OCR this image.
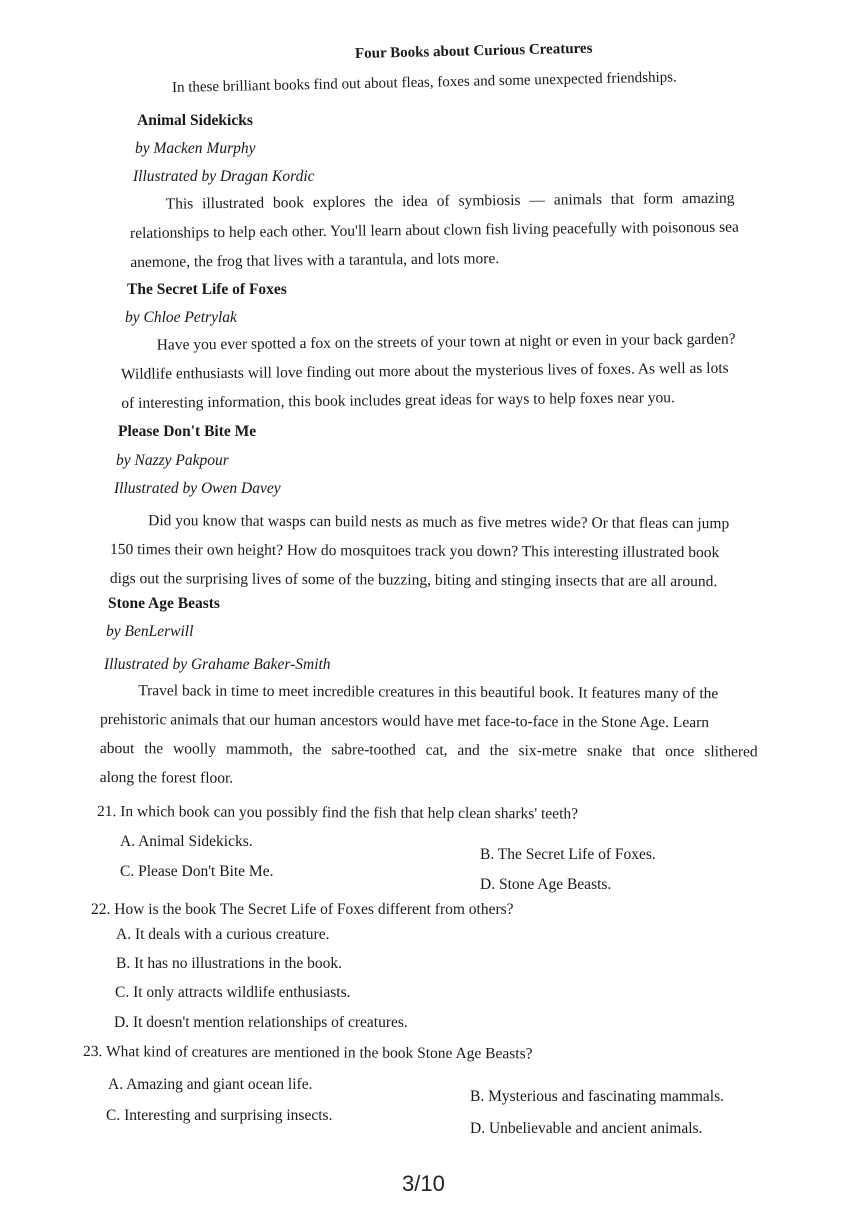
Four Books about Curious Creatures
In these brilliant books find out about fleas, foxes and some unexpected friendships.
Animal Sidekicks
by Macken Murphy
Illustrated by Dragan Kordic

This illustrated book explores the idea of symbiosis — animals that form amazing

relationships to help each other. You'll learn about clown fish living peacefully with poisonous sea

anemone, the frog that lives with a tarantula, and lots more.

The Secret Life of Foxes
by Chloe Petrylak

Have you ever spotted a fox on the streets of your town at night or even in your back garden?

Wildlife enthusiasts will love finding out more about the mysterious lives of foxes. As well as lots

of interesting information, this book includes great ideas for ways to help foxes near you.

Please Don't Bite Me
by Nazzy Pakpour
Illustrated by Owen Davey

Did you know that wasps can build nests as much as five metres wide? Or that fleas can jump

150 times their own height? How do mosquitoes track you down? This interesting illustrated book

digs out the surprising lives of some of the buzzing, biting and stinging insects that are all around.

Stone Age Beasts
by BenLerwill
Illustrated by Grahame Baker-Smith

Travel back in time to meet incredible creatures in this beautiful book. It features many of the

prehistoric animals that our human ancestors would have met face-to-face in the Stone Age. Learn

about the woolly mammoth, the sabre-toothed cat, and the six-metre snake that once slithered

along the forest floor.

21. In which book can you possibly find the fish that help clean sharks' teeth?
A. Animal Sidekicks.
B. The Secret Life of Foxes.
C. Please Don't Bite Me.
D. Stone Age Beasts.
22. How is the book The Secret Life of Foxes different from others?
A. It deals with a curious creature.
B. It has no illustrations in the book.
C. It only attracts wildlife enthusiasts.
D. It doesn't mention relationships of creatures.
23. What kind of creatures are mentioned in the book Stone Age Beasts?
A. Amazing and giant ocean life.
B. Mysterious and fascinating mammals.
C. Interesting and surprising insects.
D. Unbelievable and ancient animals.
3/10
